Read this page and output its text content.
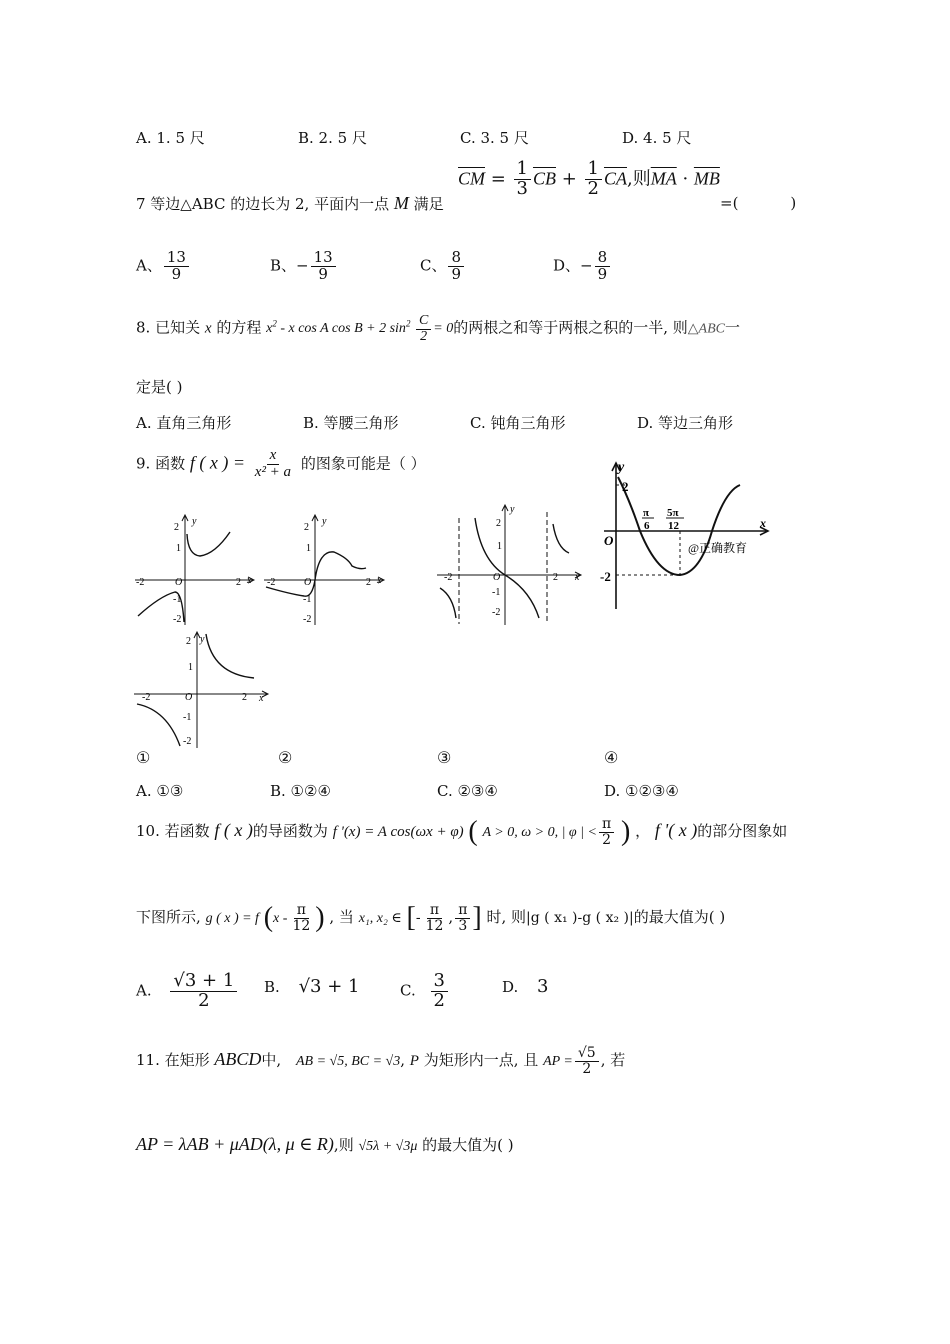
A. 1. 5 尺	B. 2. 5 尺	C. 3. 5 尺	D. 4. 5 尺
7 等边△ABC 的边长为 2, 平面内一点 M 满足
$\overline{CM} = \frac{1}{3} \overline{CB} + \frac{1}{2} \overline{CA}$,则$\overline{MA} \cdot \overline{MB}$
=(	)
A、 $\frac{13}{9}$	B、− $\frac{13}{9}$	C、 $\frac{8}{9}$	D、− $\frac{8}{9}$
8. 已知关 x 的方程 $x^2$ - x cos A cos B + 2 $\sin^2 \frac{C}{2} = 0$的两根之和等于两根之积的一半, 则△ABC一
定是( )
A. 直角三角形	B. 等腰三角形	C. 钝角三角形	D. 等边三角形
9. 函数 f ( x ) = $\frac{x}{\text{x² + a}}$ 的图象可能是（ ）
y
2
1
O
-2	2 x
-1
-2
y
2
1
O
-2	2 x
-1
-2
y
2
1
O
-2	2 x
-1
-2
y
2
O
-2
x
π
6
5π
12
@正确教育
y
2
1
O
-2	2 x
-1
-2
①	②	③	④
A. ①③	B. ①②④	C. ②③④	D. ①②③④
10. 若函数 f ( x )的导函数为 f '(x) = A cos(ωx + φ) ( A > 0, ω > 0, | φ | < $\frac{\pi}{2}$ ) ， f '( x )的部分图象如
下图所示, g ( x ) = f ($x - \frac{\pi}{12}$ ) , 当 x₁, x₂ ∈ [- $\frac{\pi}{12}$ , $\frac{\pi}{3}$ ] 时, 则|g ( x₁ )-g ( x₂ )|的最大值为( )
A. $\frac{√3 + 1}{2} B$. √3 + 1	C. $\frac{3}{2}$	D. 3
11. 在矩形 ABCD中, AB = √5, BC = √3, P 为矩形内一点, 且 AP = $\frac{√5}{2}$ , 若
AP = λAB + μAD(λ, μ ∈ R),则 √5λ + √3μ 的最大值为( )
